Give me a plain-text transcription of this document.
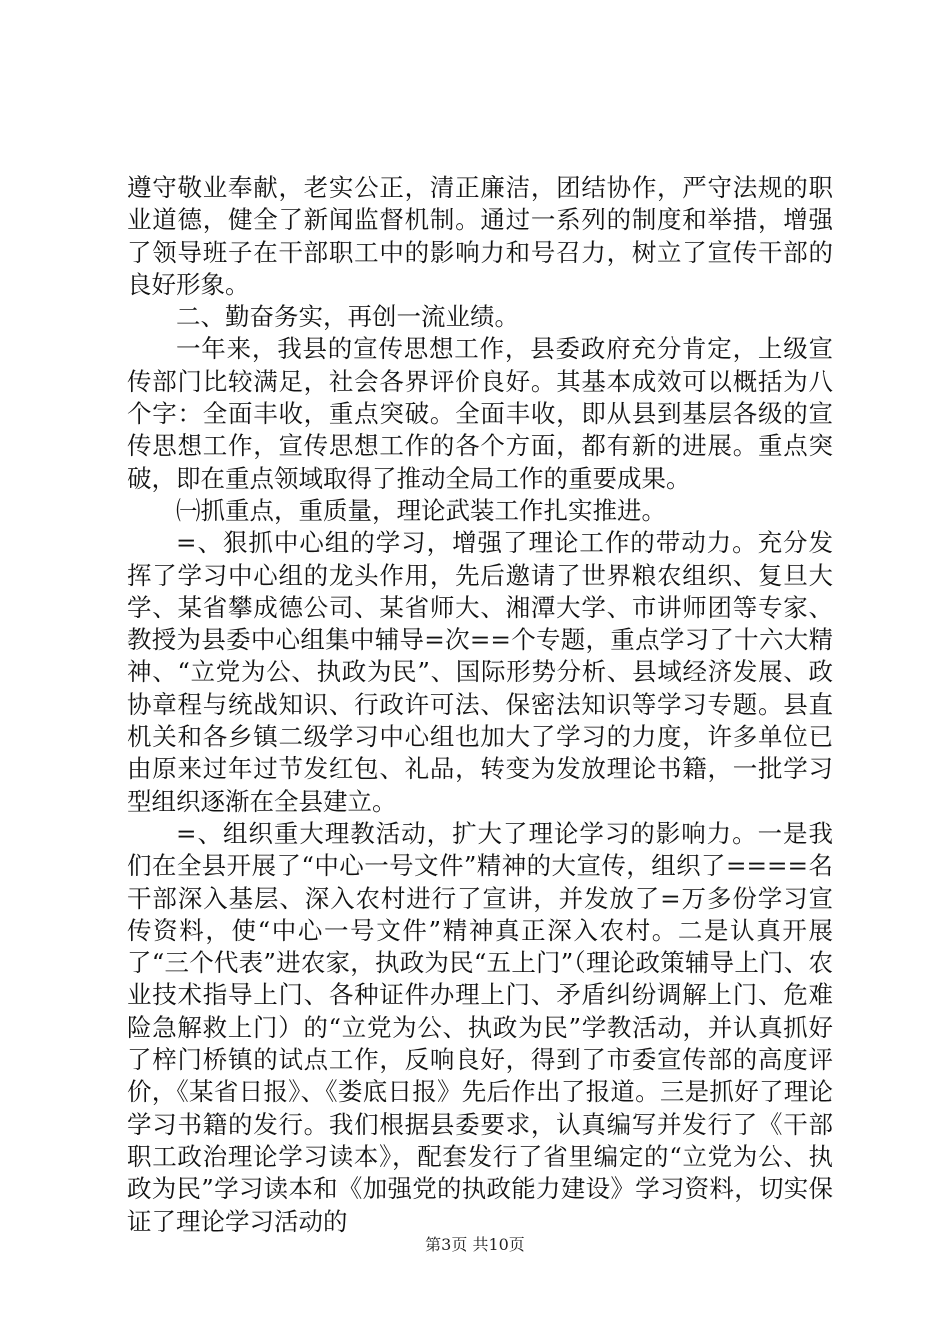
遵守敬业奉献，老实公正，清正廉洁，团结协作，严守法规的职业道德，健全了新闻监督机制。通过一系列的制度和举措，增强了领导班子在干部职工中的影响力和号召力，树立了宣传干部的良好形象。

二、勤奋务实，再创一流业绩。

一年来，我县的宣传思想工作，县委政府充分肯定，上级宣传部门比较满足，社会各界评价良好。其基本成效可以概括为八个字：全面丰收，重点突破。全面丰收，即从县到基层各级的宣传思想工作，宣传思想工作的各个方面，都有新的进展。重点突破，即在重点领域取得了推动全局工作的重要成果。

㈠抓重点，重质量，理论武装工作扎实推进。

=、狠抓中心组的学习，增强了理论工作的带动力。充分发挥了学习中心组的龙头作用，先后邀请了世界粮农组织、复旦大学、某省攀成德公司、某省师大、湘潭大学、市讲师团等专家、教授为县委中心组集中辅导=次==个专题，重点学习了十六大精神、“立党为公、执政为民”、国际形势分析、县域经济发展、政协章程与统战知识、行政许可法、保密法知识等学习专题。县直机关和各乡镇二级学习中心组也加大了学习的力度，许多单位已由原来过年过节发红包、礼品，转变为发放理论书籍，一批学习型组织逐渐在全县建立。

=、组织重大理教活动，扩大了理论学习的影响力。一是我们在全县开展了“中心一号文件”精神的大宣传，组织了====名干部深入基层、深入农村进行了宣讲，并发放了=万多份学习宣传资料，使“中心一号文件”精神真正深入农村。二是认真开展了“三个代表”进农家，执政为民“五上门”（理论政策辅导上门、农业技术指导上门、各种证件办理上门、矛盾纠纷调解上门、危难险急解救上门）的“立党为公、执政为民”学教活动，并认真抓好了梓门桥镇的试点工作，反响良好，得到了市委宣传部的高度评价，《某省日报》、《娄底日报》先后作出了报道。三是抓好了理论学习书籍的发行。我们根据县委要求，认真编写并发行了《干部职工政治理论学习读本》，配套发行了省里编定的“立党为公、执政为民”学习读本和《加强党的执政能力建设》学习资料，切实保证了理论学习活动的

第3页 共10页
